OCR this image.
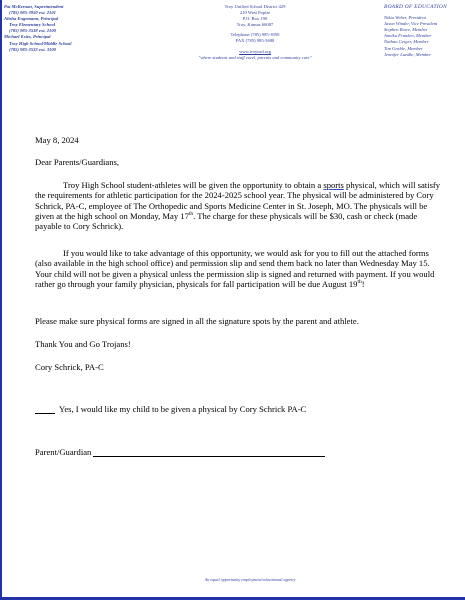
Pat McKernan, Superintendent
(785) 985-3950 ext. 2101
Alisha Engemann, Principal
Troy Elementary School
(785) 985-3538 ext. 2100
Michael Estes, Principal
Troy High School/Middle School
(785) 985-3533 ext. 3100
Troy Unified School District 429
210 West Poplar
P.O. Box 190
Troy, Kansas 66087
Telephone (785) 985-3950
FAX (785) 985-3688
www.troyusd.org
"where students and staff excel, parents and community care"
BOARD OF EDUCATION
Nikia Weber, President
Jason Winder, Vice President
Stephen Rowe, Member
Annika Franken, Member
Nathan Geiger, Member
Tim Grable, Member
Jennifer Luedke, Member
May 8, 2024
Dear Parents/Guardians,
Troy High School student-athletes will be given the opportunity to obtain a sports physical, which will satisfy the requirements for athletic participation for the 2024-2025 school year. The physical will be administered by Cory Schrick, PA-C, employee of The Orthopedic and Sports Medicine Center in St. Joseph, MO. The physicals will be given at the high school on Monday, May 17th. The charge for these physicals will be $30, cash or check (made payable to Cory Schrick).
If you would like to take advantage of this opportunity, we would ask for you to fill out the attached forms (also available in the high school office) and permission slip and send them back no later than Wednesday May 15. Your child will not be given a physical unless the permission slip is signed and returned with payment. If you would rather go through your family physician, physicals for fall participation will be due August 19th!
Please make sure physical forms are signed in all the signature spots by the parent and athlete.
Thank You and Go Trojans!
Cory Schrick, PA-C
Yes, I would like my child to be given a physical by Cory Schrick PA-C
Parent/Guardian
An equal opportunity employment/educational agency
